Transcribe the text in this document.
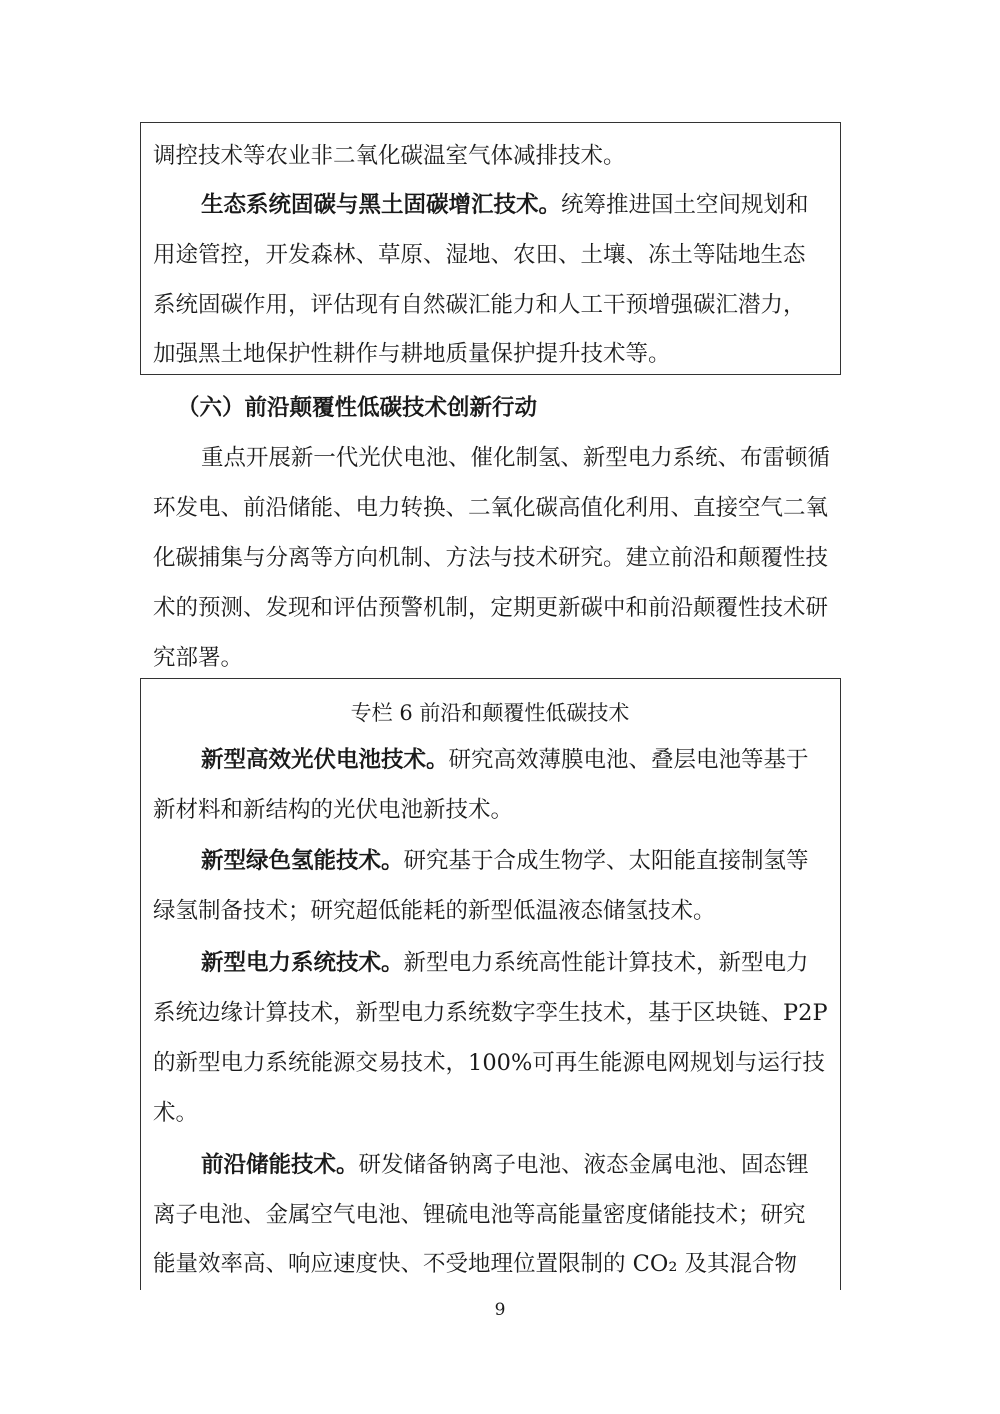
调控技术等农业非二氧化碳温室气体减排技术。
生态系统固碳与黑土固碳增汇技术。统筹推进国土空间规划和
用途管控，开发森林、草原、湿地、农田、土壤、冻土等陆地生态
系统固碳作用，评估现有自然碳汇能力和人工干预增强碳汇潜力，
加强黑土地保护性耕作与耕地质量保护提升技术等。
（六）前沿颠覆性低碳技术创新行动
重点开展新一代光伏电池、催化制氢、新型电力系统、布雷顿循
环发电、前沿储能、电力转换、二氧化碳高值化利用、直接空气二氧
化碳捕集与分离等方向机制、方法与技术研究。建立前沿和颠覆性技
术的预测、发现和评估预警机制，定期更新碳中和前沿颠覆性技术研
究部署。
专栏 6 前沿和颠覆性低碳技术
新型高效光伏电池技术。研究高效薄膜电池、叠层电池等基于
新材料和新结构的光伏电池新技术。
新型绿色氢能技术。研究基于合成生物学、太阳能直接制氢等
绿氢制备技术；研究超低能耗的新型低温液态储氢技术。
新型电力系统技术。新型电力系统高性能计算技术，新型电力
系统边缘计算技术，新型电力系统数字孪生技术，基于区块链、P2P
的新型电力系统能源交易技术，100%可再生能源电网规划与运行技
术。
前沿储能技术。研发储备钠离子电池、液态金属电池、固态锂
离子电池、金属空气电池、锂硫电池等高能量密度储能技术；研究
能量效率高、响应速度快、不受地理位置限制的 CO₂ 及其混合物
9
